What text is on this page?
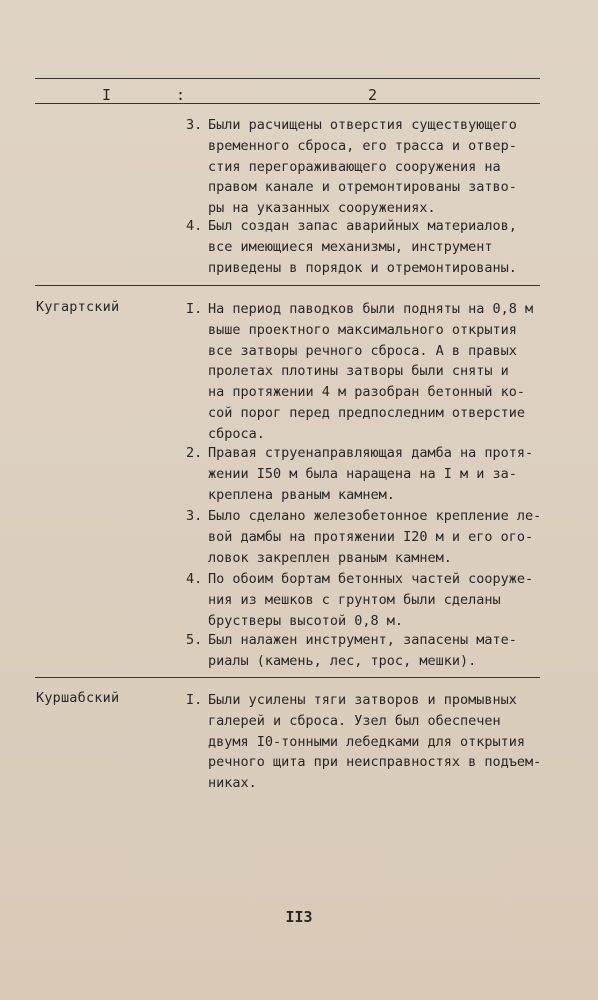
I	:	2
3. Были расчищены отверстия существующего
временного сброса, его трасса и отвер-
стия перегораживающего сооружения на
правом канале и отремонтированы затво-
ры на указанных сооружениях.
4. Был создан запас аварийных материалов,
все имеющиеся механизмы, инструмент
приведены в порядок и отремонтированы.
Кугартский	I. На период паводков были подняты на 0,8 м
выше проектного максимального открытия
все затворы речного сброса. А в правых
пролетах плотины затворы были сняты и
на протяжении 4 м разобран бетонный ко-
сой порог перед предпоследним отверстие
сброса.
2. Правая струенаправляющая дамба на протя-
жении I50 м была наращена на I м и за-
креплена рваным камнем.
3. Было сделано железобетонное крепление ле-
вой дамбы на протяжении I20 м и его ого-
ловок закреплен рваным камнем.
4. По обоим бортам бетонных частей сооруже-
ния из мешков с грунтом были сделаны
брустверы высотой 0,8 м.
5. Был налажен инструмент, запасены мате-
риалы (камень, лес, трос, мешки).
Куршабский	I. Были усилены тяги затворов и промывных
галерей и сброса. Узел был обеспечен
двумя I0-тонными лебедками для открытия
речного щита при неисправностях в подъем-
никах.
II3
